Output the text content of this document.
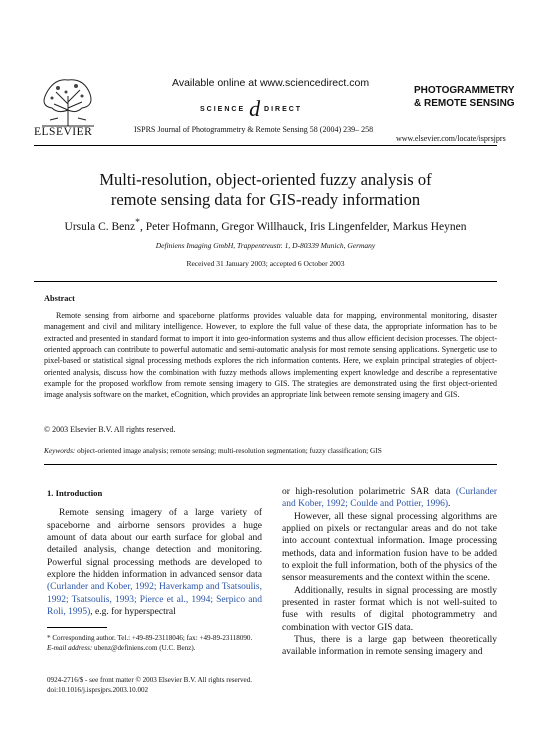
ELSEVIER
Available online at www.sciencedirect.com
SCIENCE d DIRECT
PHOTOGRAMMETRY
& REMOTE SENSING
ISPRS Journal of Photogrammetry & Remote Sensing 58 (2004) 239– 258
www.elsevier.com/locate/isprsjprs
Multi-resolution, object-oriented fuzzy analysis of
remote sensing data for GIS-ready information
Ursula C. Benz*, Peter Hofmann, Gregor Willhauck, Iris Lingenfelder, Markus Heynen
Definiens Imaging GmbH, Trappentreustr. 1, D-80339 Munich, Germany
Received 31 January 2003; accepted 6 October 2003
Abstract
Remote sensing from airborne and spaceborne platforms provides valuable data for mapping, environmental monitoring, disaster management and civil and military intelligence. However, to explore the full value of these data, the appropriate information has to be extracted and presented in standard format to import it into geo-information systems and thus allow efficient decision processes. The object-oriented approach can contribute to powerful automatic and semi-automatic analysis for most remote sensing applications. Synergetic use to pixel-based or statistical signal processing methods explores the rich information contents. Here, we explain principal strategies of object-oriented analysis, discuss how the combination with fuzzy methods allows implementing expert knowledge and describe a representative example for the proposed workflow from remote sensing imagery to GIS. The strategies are demonstrated using the first object-oriented image analysis software on the market, eCognition, which provides an appropriate link between remote sensing imagery and GIS.
© 2003 Elsevier B.V. All rights reserved.
Keywords: object-oriented image analysis; remote sensing; multi-resolution segmentation; fuzzy classification; GIS
1. Introduction

Remote sensing imagery of a large variety of spaceborne and airborne sensors provides a huge amount of data about our earth surface for global and detailed analysis, change detection and monitoring. Powerful signal processing methods are developed to explore the hidden information in advanced sensor data (Curlander and Kober, 1992; Haverkamp and Tsatsoulis, 1992; Tsatsoulis, 1993; Pierce et al., 1994; Serpico and Roli, 1995), e.g. for hyperspectral

or high-resolution polarimetric SAR data (Curlander and Kober, 1992; Coulde and Pottier, 1996).

However, all these signal processing algorithms are applied on pixels or rectangular areas and do not take into account contextual information. Image processing methods, data and information fusion have to be added to exploit the full information, both of the physics of the sensor measurements and the context within the scene.

Additionally, results in signal processing are mostly presented in raster format which is not well-suited to fuse with results of digital photogrammetry and combination with vector GIS data.

Thus, there is a large gap between theoretically available information in remote sensing imagery and

* Corresponding author. Tel.: +49-89-23118046; fax: +49-89-23118090.
E-mail address: ubenz@definiens.com (U.C. Benz).
0924-2716/$ - see front matter © 2003 Elsevier B.V. All rights reserved.
doi:10.1016/j.isprsjprs.2003.10.002
